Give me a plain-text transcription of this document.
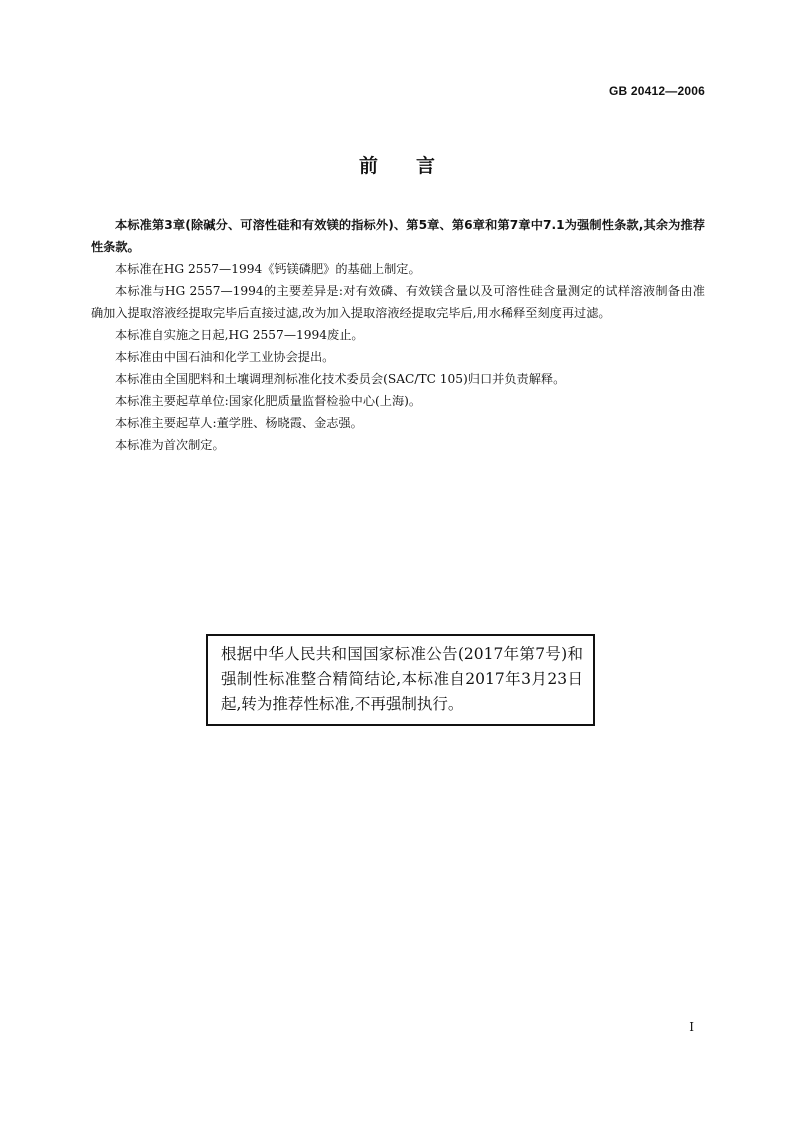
GB 20412—2006
前言

本标准第3章(除碱分、可溶性硅和有效镁的指标外)、第5章、第6章和第7章中7.1为强制性条款,其余为推荐性条款。

本标准在HG 2557—1994《钙镁磷肥》的基础上制定。

本标准与HG 2557—1994的主要差异是:对有效磷、有效镁含量以及可溶性硅含量测定的试样溶液制备由准确加入提取溶液经提取完毕后直接过滤,改为加入提取溶液经提取完毕后,用水稀释至刻度再过滤。

本标准自实施之日起,HG 2557—1994废止。

本标准由中国石油和化学工业协会提出。

本标准由全国肥料和土壤调理剂标准化技术委员会(SAC/TC 105)归口并负责解释。

本标准主要起草单位:国家化肥质量监督检验中心(上海)。

本标准主要起草人:董学胜、杨晓霞、金志强。

本标准为首次制定。

根据中华人民共和国国家标准公告(2017年第7号)和强制性标准整合精简结论,本标准自2017年3月23日起,转为推荐性标准,不再强制执行。

I
